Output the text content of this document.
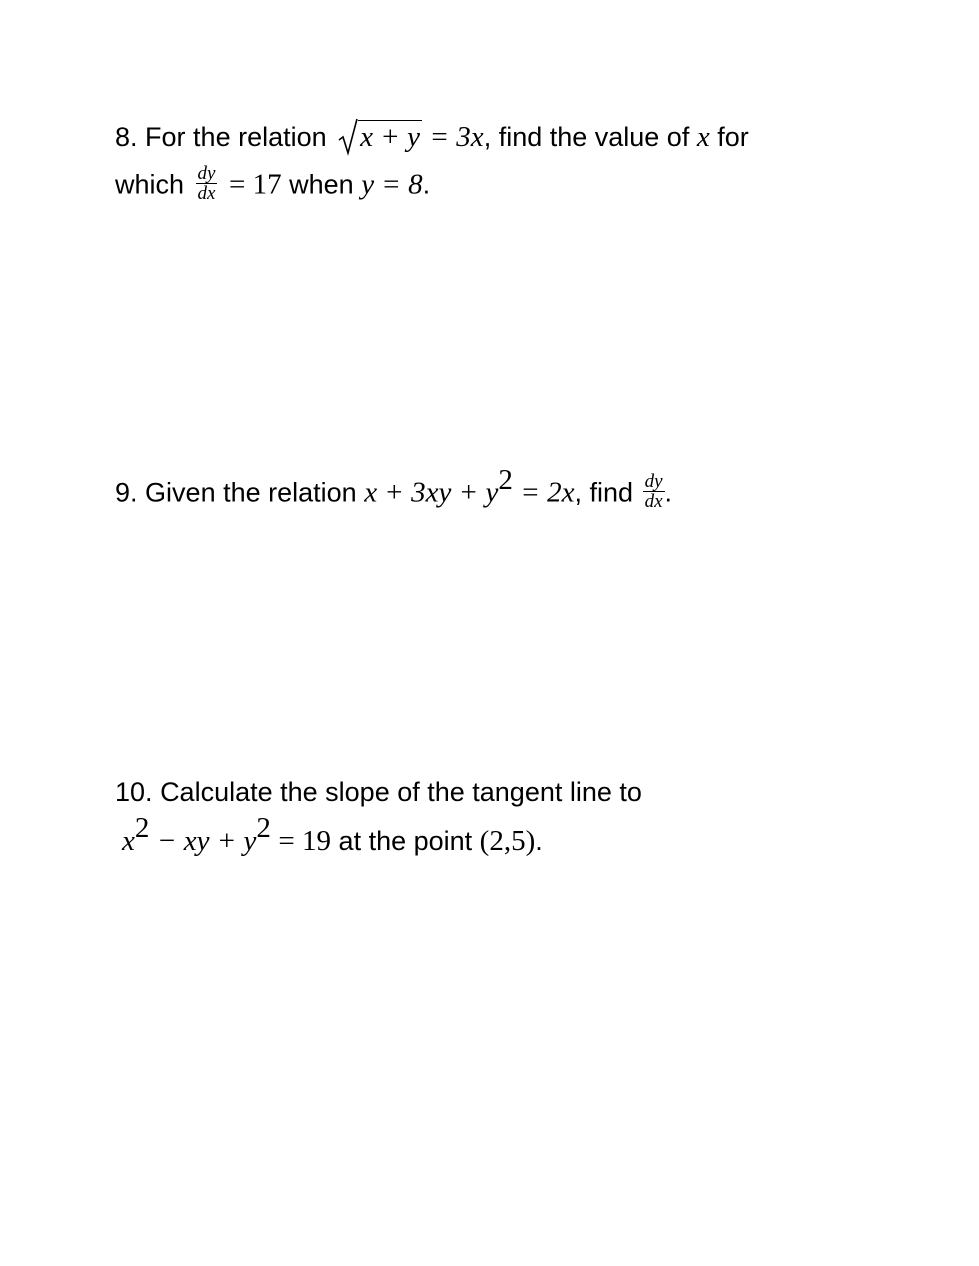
8. For the relation x + y = 3x, find the value of x for
which $\frac{dy}{dx} = 17$ when y = 8.
9. Given the relation $x + 3xy + y^2 = 2x$, find $\frac{dy}{dx}$ .
10. Calculate the slope of the tangent line to
$x^2$ − xy + $y^2 = 19$ at the point (2,5).
